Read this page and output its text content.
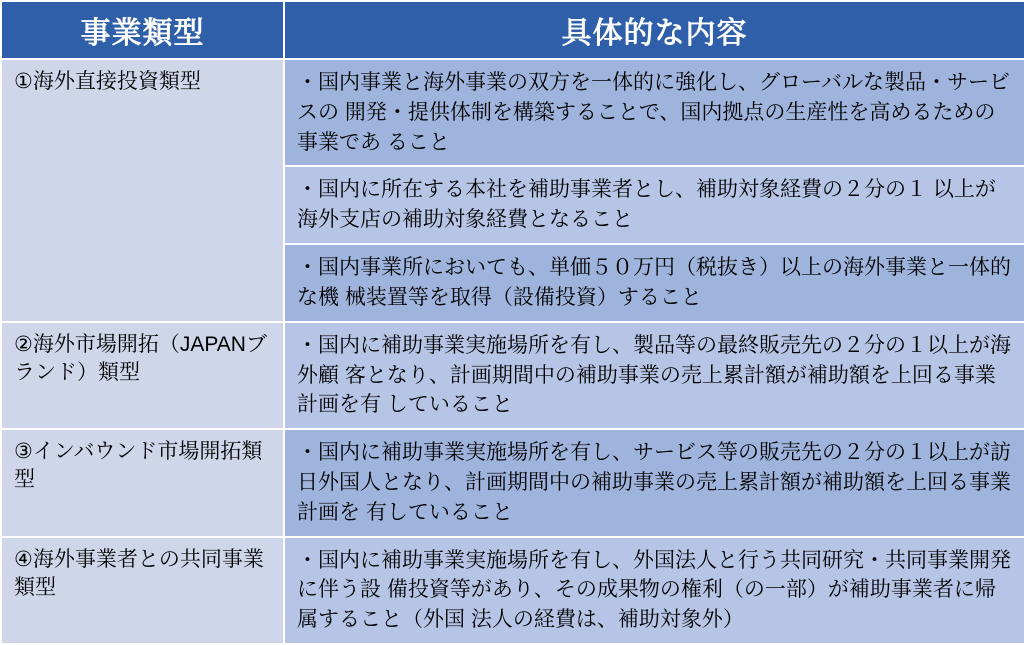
事業類型	具体的な内容
①海外直接投資類型	・国内事業と海外事業の双方を一体的に強化し、グローバルな製品・サービスの 開発・提供体制を構築することで、国内拠点の生産性を高めるための事業であ ること
	・国内に所在する本社を補助事業者とし、補助対象経費の２分の１ 以上が海外支店の補助対象経費となること
	・国内事業所においても、単価５０万円（税抜き）以上の海外事業と一体的な機 械装置等を取得（設備投資）すること
②海外市場開拓（JAPANブランド）類型	・国内に補助事業実施場所を有し、製品等の最終販売先の２分の１以上が海外顧 客となり、計画期間中の補助事業の売上累計額が補助額を上回る事業計画を有 していること
③インバウンド市場開拓類型	・国内に補助事業実施場所を有し、サービス等の販売先の２分の１以上が訪日外国人となり、計画期間中の補助事業の売上累計額が補助額を上回る事業計画を 有していること
④海外事業者との共同事業類型	・国内に補助事業実施場所を有し、外国法人と行う共同研究・共同事業開発に伴う設 備投資等があり、その成果物の権利（の一部）が補助事業者に帰属すること（外国 法人の経費は、補助対象外）
